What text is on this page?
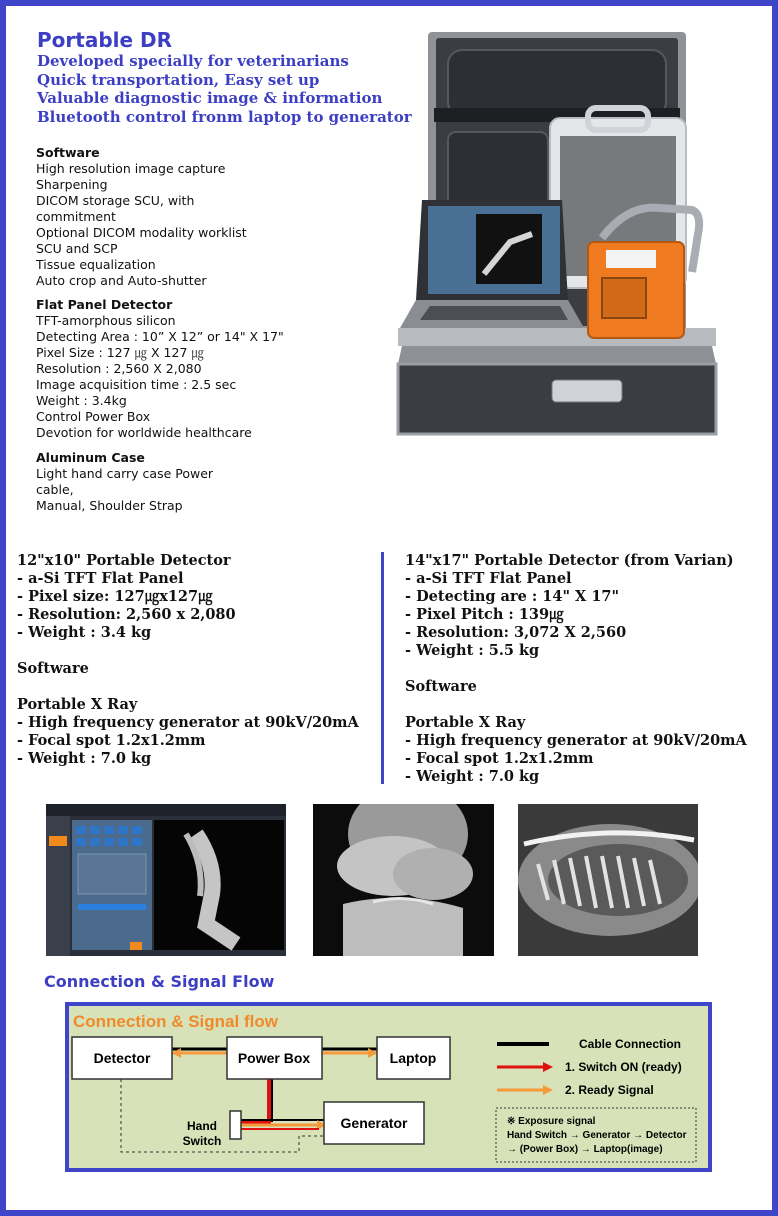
Portable DR
Developed specially for veterinarians
Quick transportation, Easy set up
Valuable diagnostic image & information
Bluetooth control fronm laptop to generator
Software
High resolution image capture
Sharpening
DICOM storage SCU, with
commitment
Optional DICOM modality worklist
SCU and SCP
Tissue equalization
Auto crop and Auto-shutter
Flat Panel Detector
TFT-amorphous silicon
Detecting Area : 10” X 12” or 14" X 17"
Pixel Size : 127 ㎍ X 127 ㎍
Resolution : 2,560 X 2,080
Image acquisition time : 2.5 sec
Weight : 3.4kg
Control Power Box
Devotion for worldwide healthcare
Aluminum Case
Light hand carry case Power
cable,
Manual, Shoulder Strap
12"x10" Portable Detector
- a-Si TFT Flat Panel
- Pixel size: 127㎍x127㎍
- Resolution: 2,560 x 2,080
- Weight : 3.4 kg
Software
Portable X Ray
- High frequency generator at 90kV/20mA
- Focal spot 1.2x1.2mm
- Weight : 7.0 kg
14"x17" Portable Detector (from Varian)
- a-Si TFT Flat Panel
- Detecting are : 14" X 17"
- Pixel Pitch : 139㎍
- Resolution: 3,072 X 2,560
- Weight : 5.5 kg
Software
Portable X Ray
- High frequency generator at 90kV/20mA
- Focal spot 1.2x1.2mm
- Weight : 7.0 kg
Connection & Signal Flow
Connection & Signal flow
Detector	Power Box	Laptop
Generator
Hand
Switch
Cable Connection
1. Switch ON (ready)
2. Ready Signal
※ Exposure signal
Hand Switch → Generator → Detector
→ (Power Box) → Laptop(image)
